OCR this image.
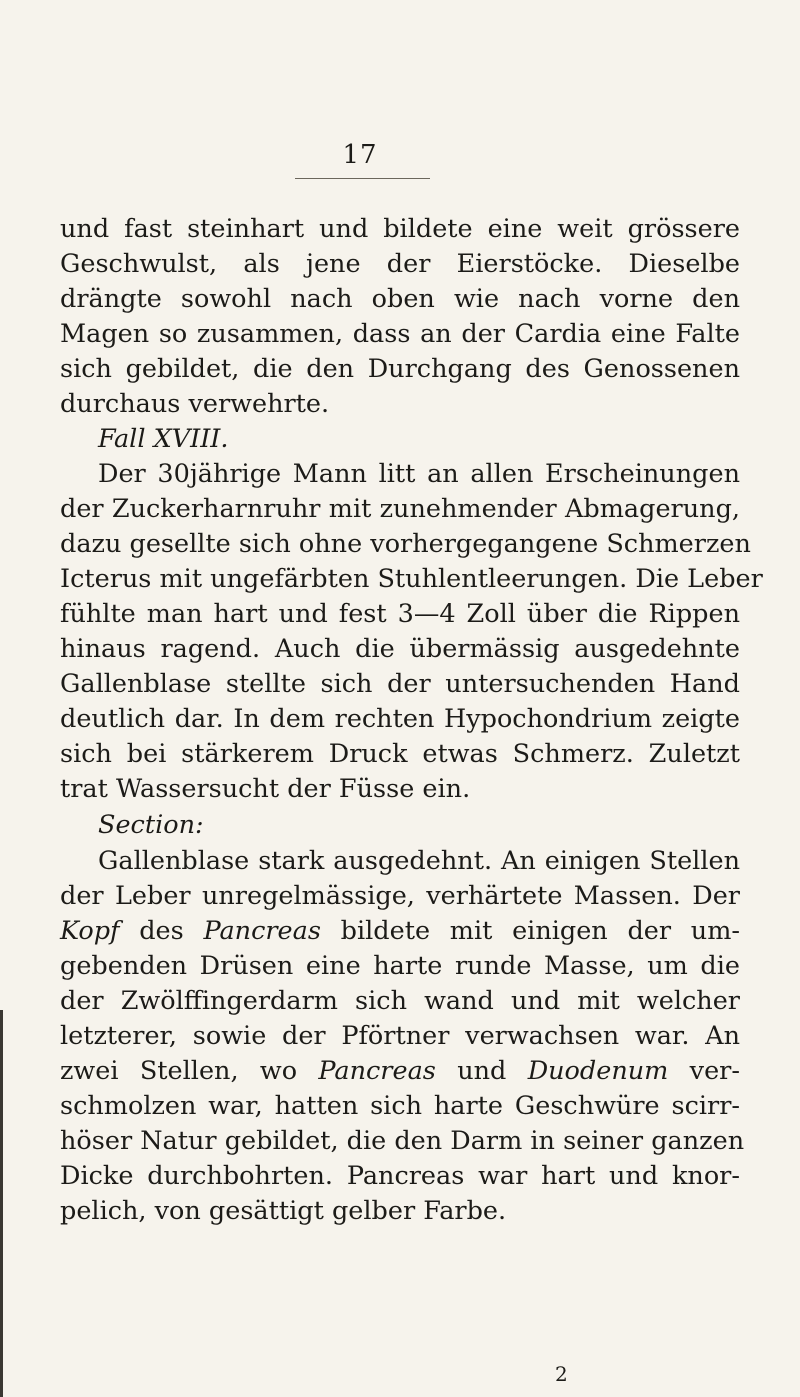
17
und fast steinhart und bildete eine weit grössere
Geschwulst, als jene der Eierstöcke. Dieselbe
drängte sowohl nach oben wie nach vorne den
Magen so zusammen, dass an der Cardia eine Falte
sich gebildet, die den Durchgang des Genossenen
durchaus verwehrte.
Fall XVIII.
Der 30jährige Mann litt an allen Erscheinungen
der Zuckerharnruhr mit zunehmender Abmagerung,
dazu gesellte sich ohne vorhergegangene Schmerzen
Icterus mit ungefärbten Stuhlentleerungen. Die Leber
fühlte man hart und fest 3—4 Zoll über die Rippen
hinaus ragend. Auch die übermässig ausgedehnte
Gallenblase stellte sich der untersuchenden Hand
deutlich dar. In dem rechten Hypochondrium zeigte
sich bei stärkerem Druck etwas Schmerz. Zuletzt
trat Wassersucht der Füsse ein.
Section:
Gallenblase stark ausgedehnt. An einigen Stellen
der Leber unregelmässige, verhärtete Massen. Der
Kopf des Pancreas bildete mit einigen der um-
gebenden Drüsen eine harte runde Masse, um die
der Zwölffingerdarm sich wand und mit welcher
letzterer, sowie der Pförtner verwachsen war. An
zwei Stellen, wo Pancreas und Duodenum ver-
schmolzen war, hatten sich harte Geschwüre scirr-
höser Natur gebildet, die den Darm in seiner ganzen
Dicke durchbohrten. Pancreas war hart und knor-
pelich, von gesättigt gelber Farbe.
2
